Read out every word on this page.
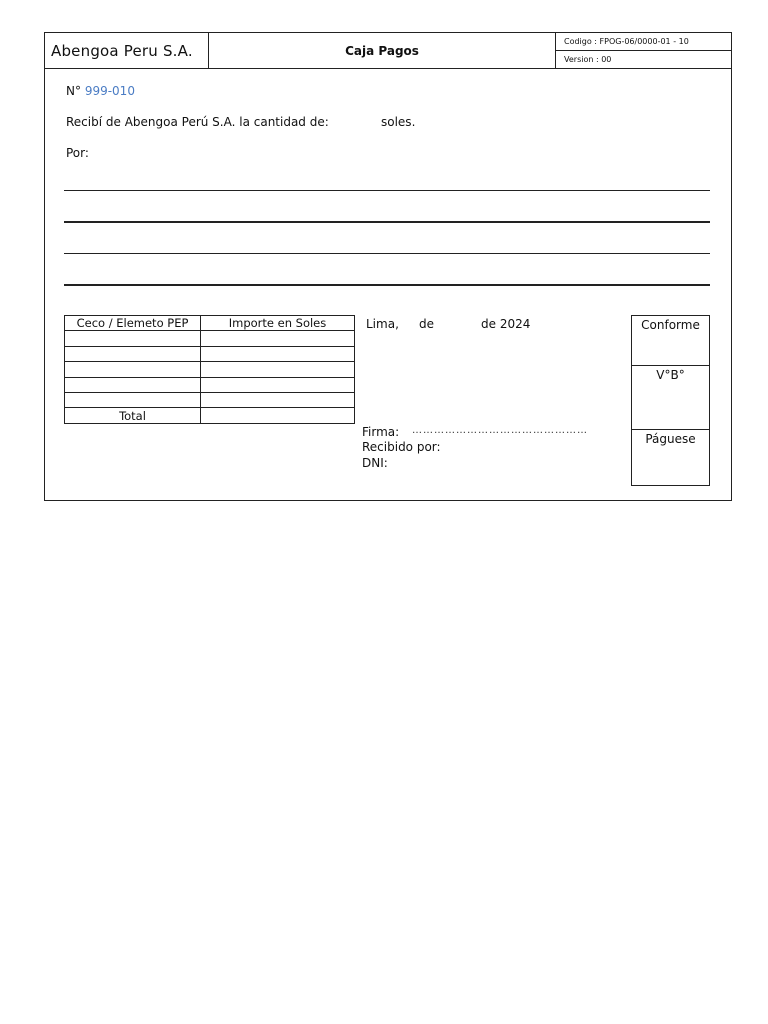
Abengoa Peru S.A.	Caja Pagos
Codigo : FPOG-06/0000-01 - 10
Version : 00
N° 999-010
Recibí de Abengoa Perú S.A. la cantidad de:	soles.
Por:
Ceco / Elemeto PEP	Importe en Soles

Total	
Lima, de	de 2024
Firma: …………………………………………
Recibido por:
DNI:
Conforme
V°B°
Páguese
